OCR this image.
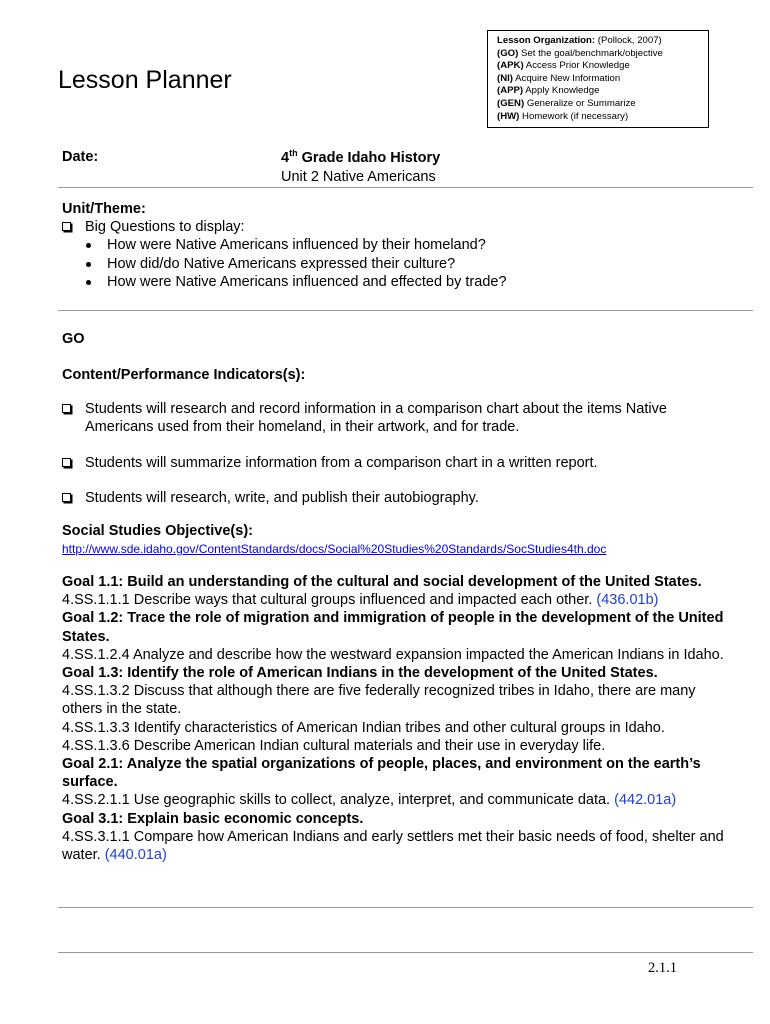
Lesson Planner
Lesson Organization: (Pollock, 2007)
(GO) Set the goal/benchmark/objective
(APK) Access Prior Knowledge
(NI) Acquire New Information
(APP) Apply Knowledge
(GEN) Generalize or Summarize
(HW) Homework (if necessary)
Date:	4th Grade Idaho History
Unit 2 Native Americans
Unit/Theme:
Big Questions to display:
How were Native Americans influenced by their homeland?
How did/do Native Americans expressed their culture?
How were Native Americans influenced and effected by trade?
GO
Content/Performance Indicators(s):
Students will research and record information in a comparison chart about the items Native Americans used from their homeland, in their artwork, and for trade.
Students will summarize information from a comparison chart in a written report.
Students will research, write, and publish their autobiography.
Social Studies Objective(s):
http://www.sde.idaho.gov/ContentStandards/docs/Social%20Studies%20Standards/SocStudies4th.doc
Goal 1.1: Build an understanding of the cultural and social development of the United States.
4.SS.1.1.1 Describe ways that cultural groups influenced and impacted each other. (436.01b)
Goal 1.2: Trace the role of migration and immigration of people in the development of the United States.
4.SS.1.2.4 Analyze and describe how the westward expansion impacted the American Indians in Idaho.
Goal 1.3: Identify the role of American Indians in the development of the United States.
4.SS.1.3.2 Discuss that although there are five federally recognized tribes in Idaho, there are many others in the state.
4.SS.1.3.3 Identify characteristics of American Indian tribes and other cultural groups in Idaho.
4.SS.1.3.6 Describe American Indian cultural materials and their use in everyday life.
Goal 2.1: Analyze the spatial organizations of people, places, and environment on the earth’s surface.
4.SS.2.1.1 Use geographic skills to collect, analyze, interpret, and communicate data. (442.01a)
Goal 3.1: Explain basic economic concepts.
4.SS.3.1.1 Compare how American Indians and early settlers met their basic needs of food, shelter and water. (440.01a)
2.1.1
